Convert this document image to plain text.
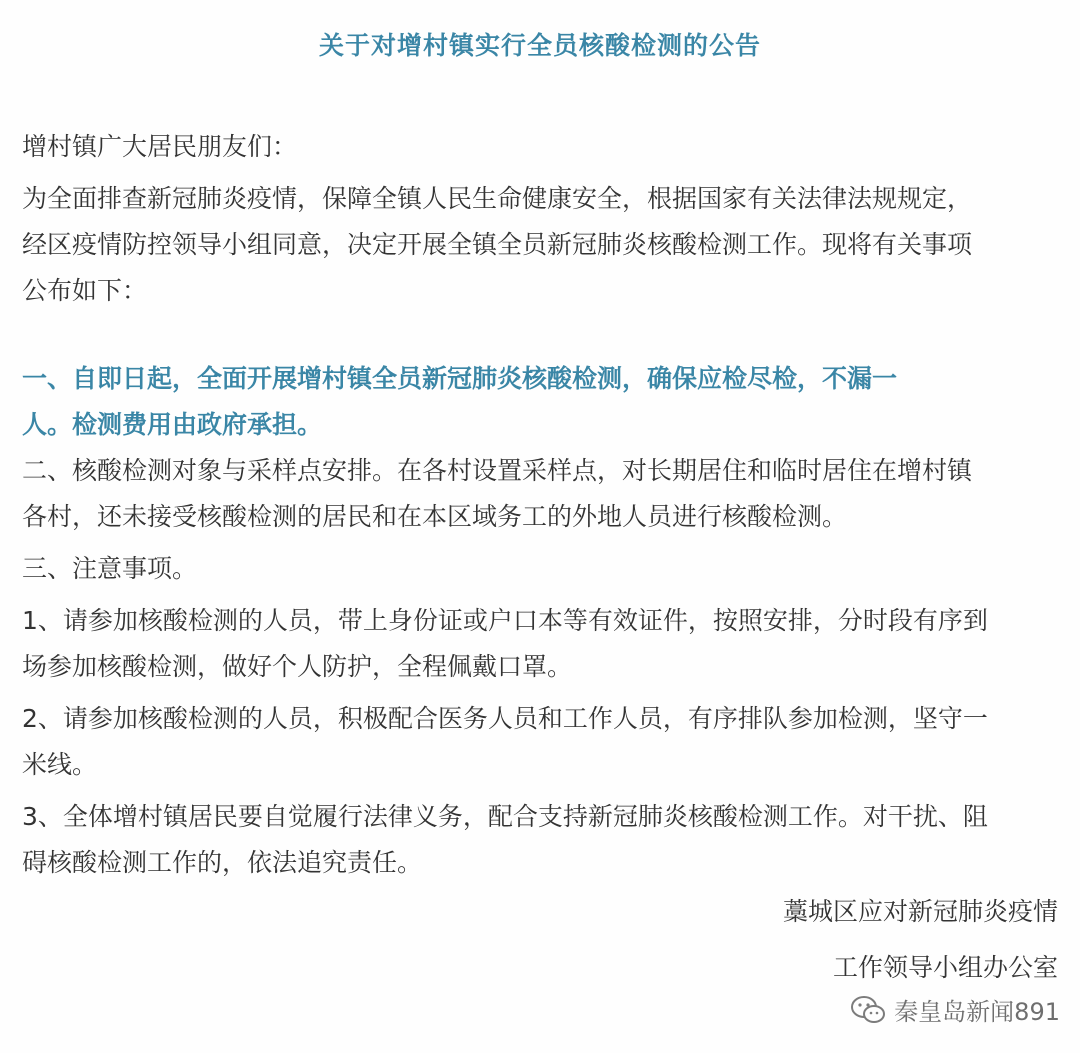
关于对增村镇实行全员核酸检测的公告

增村镇广大居民朋友们：

为全面排查新冠肺炎疫情，保障全镇人民生命健康安全，根据国家有关法律法规规定，

经区疫情防控领导小组同意，决定开展全镇全员新冠肺炎核酸检测工作。现将有关事项

公布如下：

一、自即日起，全面开展增村镇全员新冠肺炎核酸检测，确保应检尽检，不漏一

人。检测费用由政府承担。

二、核酸检测对象与采样点安排。在各村设置采样点，对长期居住和临时居住在增村镇

各村，还未接受核酸检测的居民和在本区域务工的外地人员进行核酸检测。

三、注意事项。

1、请参加核酸检测的人员，带上身份证或户口本等有效证件，按照安排，分时段有序到

场参加核酸检测，做好个人防护，全程佩戴口罩。

2、请参加核酸检测的人员，积极配合医务人员和工作人员，有序排队参加检测，坚守一

米线。

3、全体增村镇居民要自觉履行法律义务，配合支持新冠肺炎核酸检测工作。对干扰、阻

碍核酸检测工作的，依法追究责任。

藁城区应对新冠肺炎疫情
工作领导小组办公室
秦皇岛新闻891
